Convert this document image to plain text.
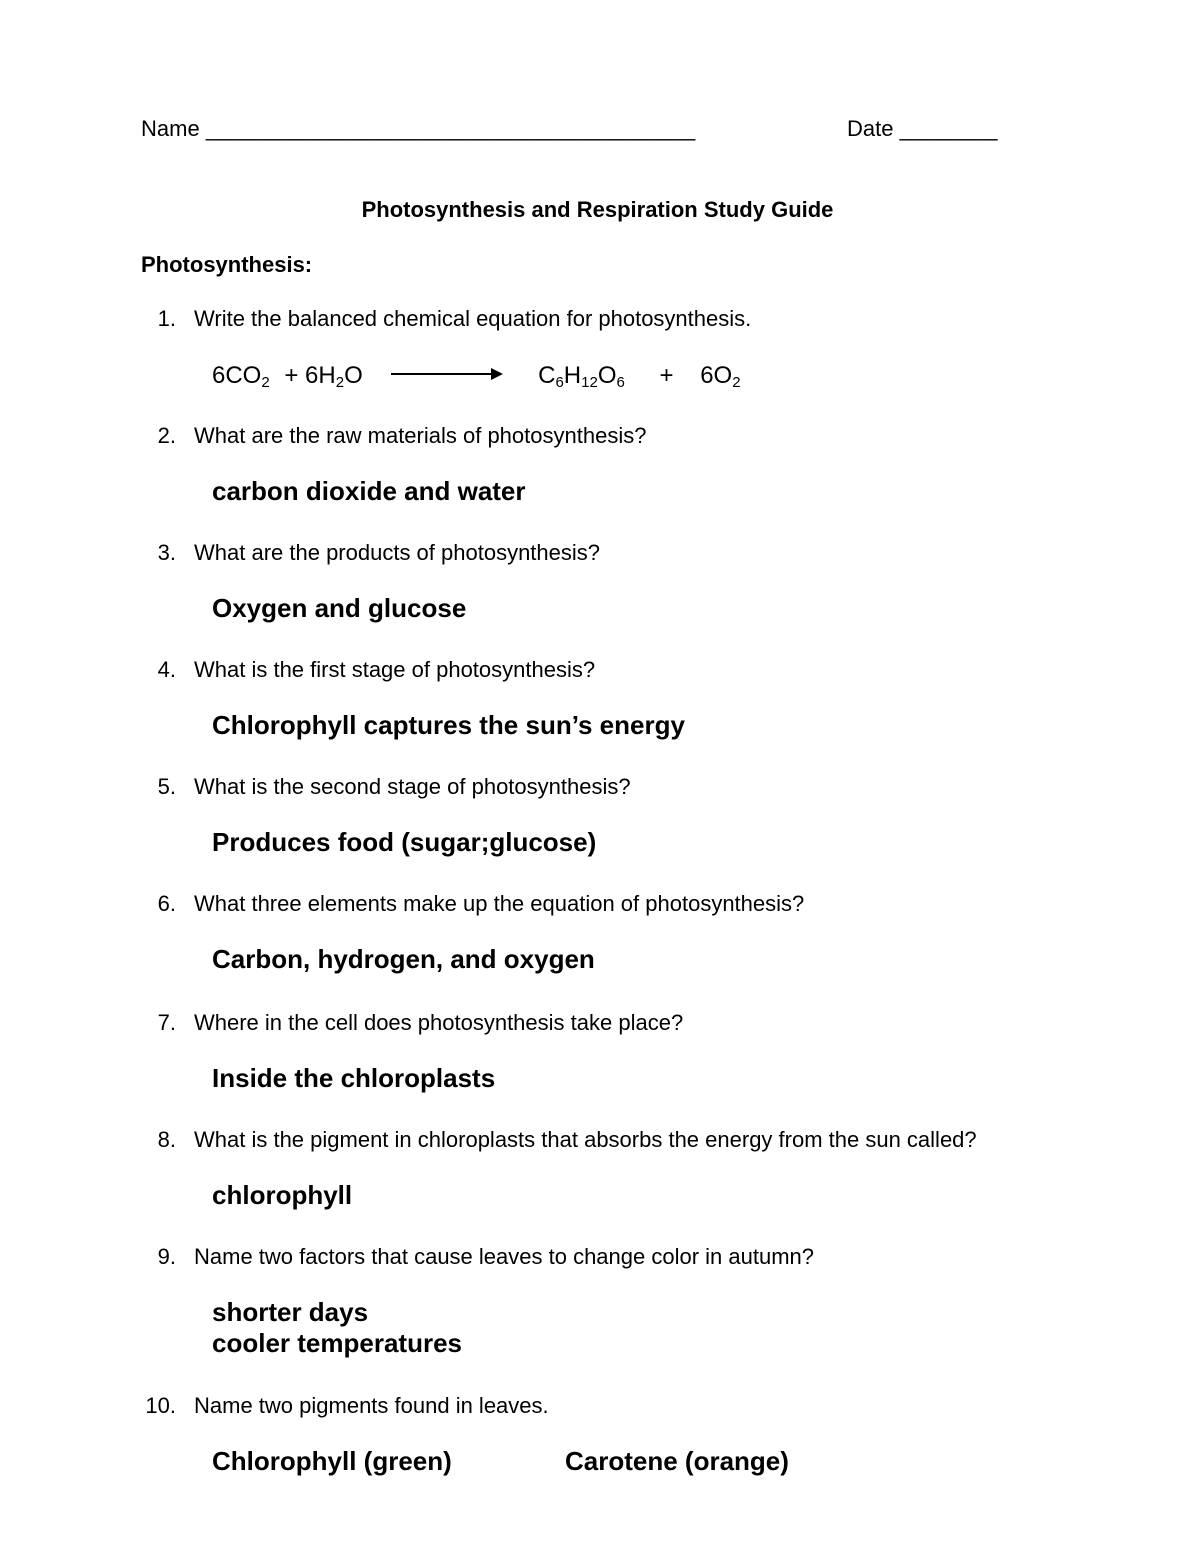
Name ________________________________________	Date ________
Photosynthesis and Respiration Study Guide
Photosynthesis:
1. Write the balanced chemical equation for photosynthesis.
$6CO_2 + 6H_2O$	$C_6H_{12}O_6 + 6O_2$
2. What are the raw materials of photosynthesis?
carbon dioxide and water
3. What are the products of photosynthesis?
Oxygen and glucose
4. What is the first stage of photosynthesis?
Chlorophyll captures the sun’s energy
5. What is the second stage of photosynthesis?
Produces food (sugar;glucose)
6. What three elements make up the equation of photosynthesis?
Carbon, hydrogen, and oxygen
7. Where in the cell does photosynthesis take place?
Inside the chloroplasts
8. What is the pigment in chloroplasts that absorbs the energy from the sun called?
chlorophyll
9. Name two factors that cause leaves to change color in autumn?
shorter days
cooler temperatures
10. Name two pigments found in leaves.
Chlorophyll (green)	Carotene (orange)
